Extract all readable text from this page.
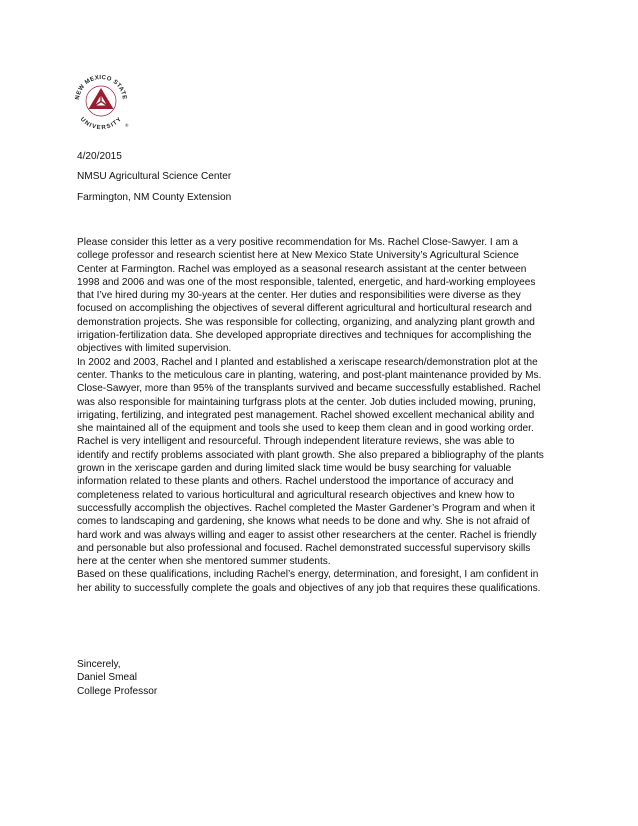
NEW MEXICO STATE
UNIVERSITY
®
4/20/2015
NMSU Agricultural Science Center
Farmington, NM County Extension

Please consider this letter as a very positive recommendation for Ms. Rachel Close-Sawyer. I am a

college professor and research scientist here at New Mexico State University’s Agricultural Science

Center at Farmington. Rachel was employed as a seasonal research assistant at the center between

1998 and 2006 and was one of the most responsible, talented, energetic, and hard-working employees

that I’ve hired during my 30-years at the center. Her duties and responsibilities were diverse as they

focused on accomplishing the objectives of several different agricultural and horticultural research and

demonstration projects. She was responsible for collecting, organizing, and analyzing plant growth and

irrigation-fertilization data. She developed appropriate directives and techniques for accomplishing the

objectives with limited supervision.

In 2002 and 2003, Rachel and I planted and established a xeriscape research/demonstration plot at the

center. Thanks to the meticulous care in planting, watering, and post-plant maintenance provided by Ms.

Close-Sawyer, more than 95% of the transplants survived and became successfully established. Rachel

was also responsible for maintaining turfgrass plots at the center. Job duties included mowing, pruning,

irrigating, fertilizing, and integrated pest management. Rachel showed excellent mechanical ability and

she maintained all of the equipment and tools she used to keep them clean and in good working order.

Rachel is very intelligent and resourceful. Through independent literature reviews, she was able to

identify and rectify problems associated with plant growth. She also prepared a bibliography of the plants

grown in the xeriscape garden and during limited slack time would be busy searching for valuable

information related to these plants and others. Rachel understood the importance of accuracy and

completeness related to various horticultural and agricultural research objectives and knew how to

successfully accomplish the objectives. Rachel completed the Master Gardener’s Program and when it

comes to landscaping and gardening, she knows what needs to be done and why. She is not afraid of

hard work and was always willing and eager to assist other researchers at the center. Rachel is friendly

and personable but also professional and focused. Rachel demonstrated successful supervisory skills

here at the center when she mentored summer students.

Based on these qualifications, including Rachel’s energy, determination, and foresight, I am confident in

her ability to successfully complete the goals and objectives of any job that requires these qualifications.

Sincerely,
Daniel Smeal
College Professor
